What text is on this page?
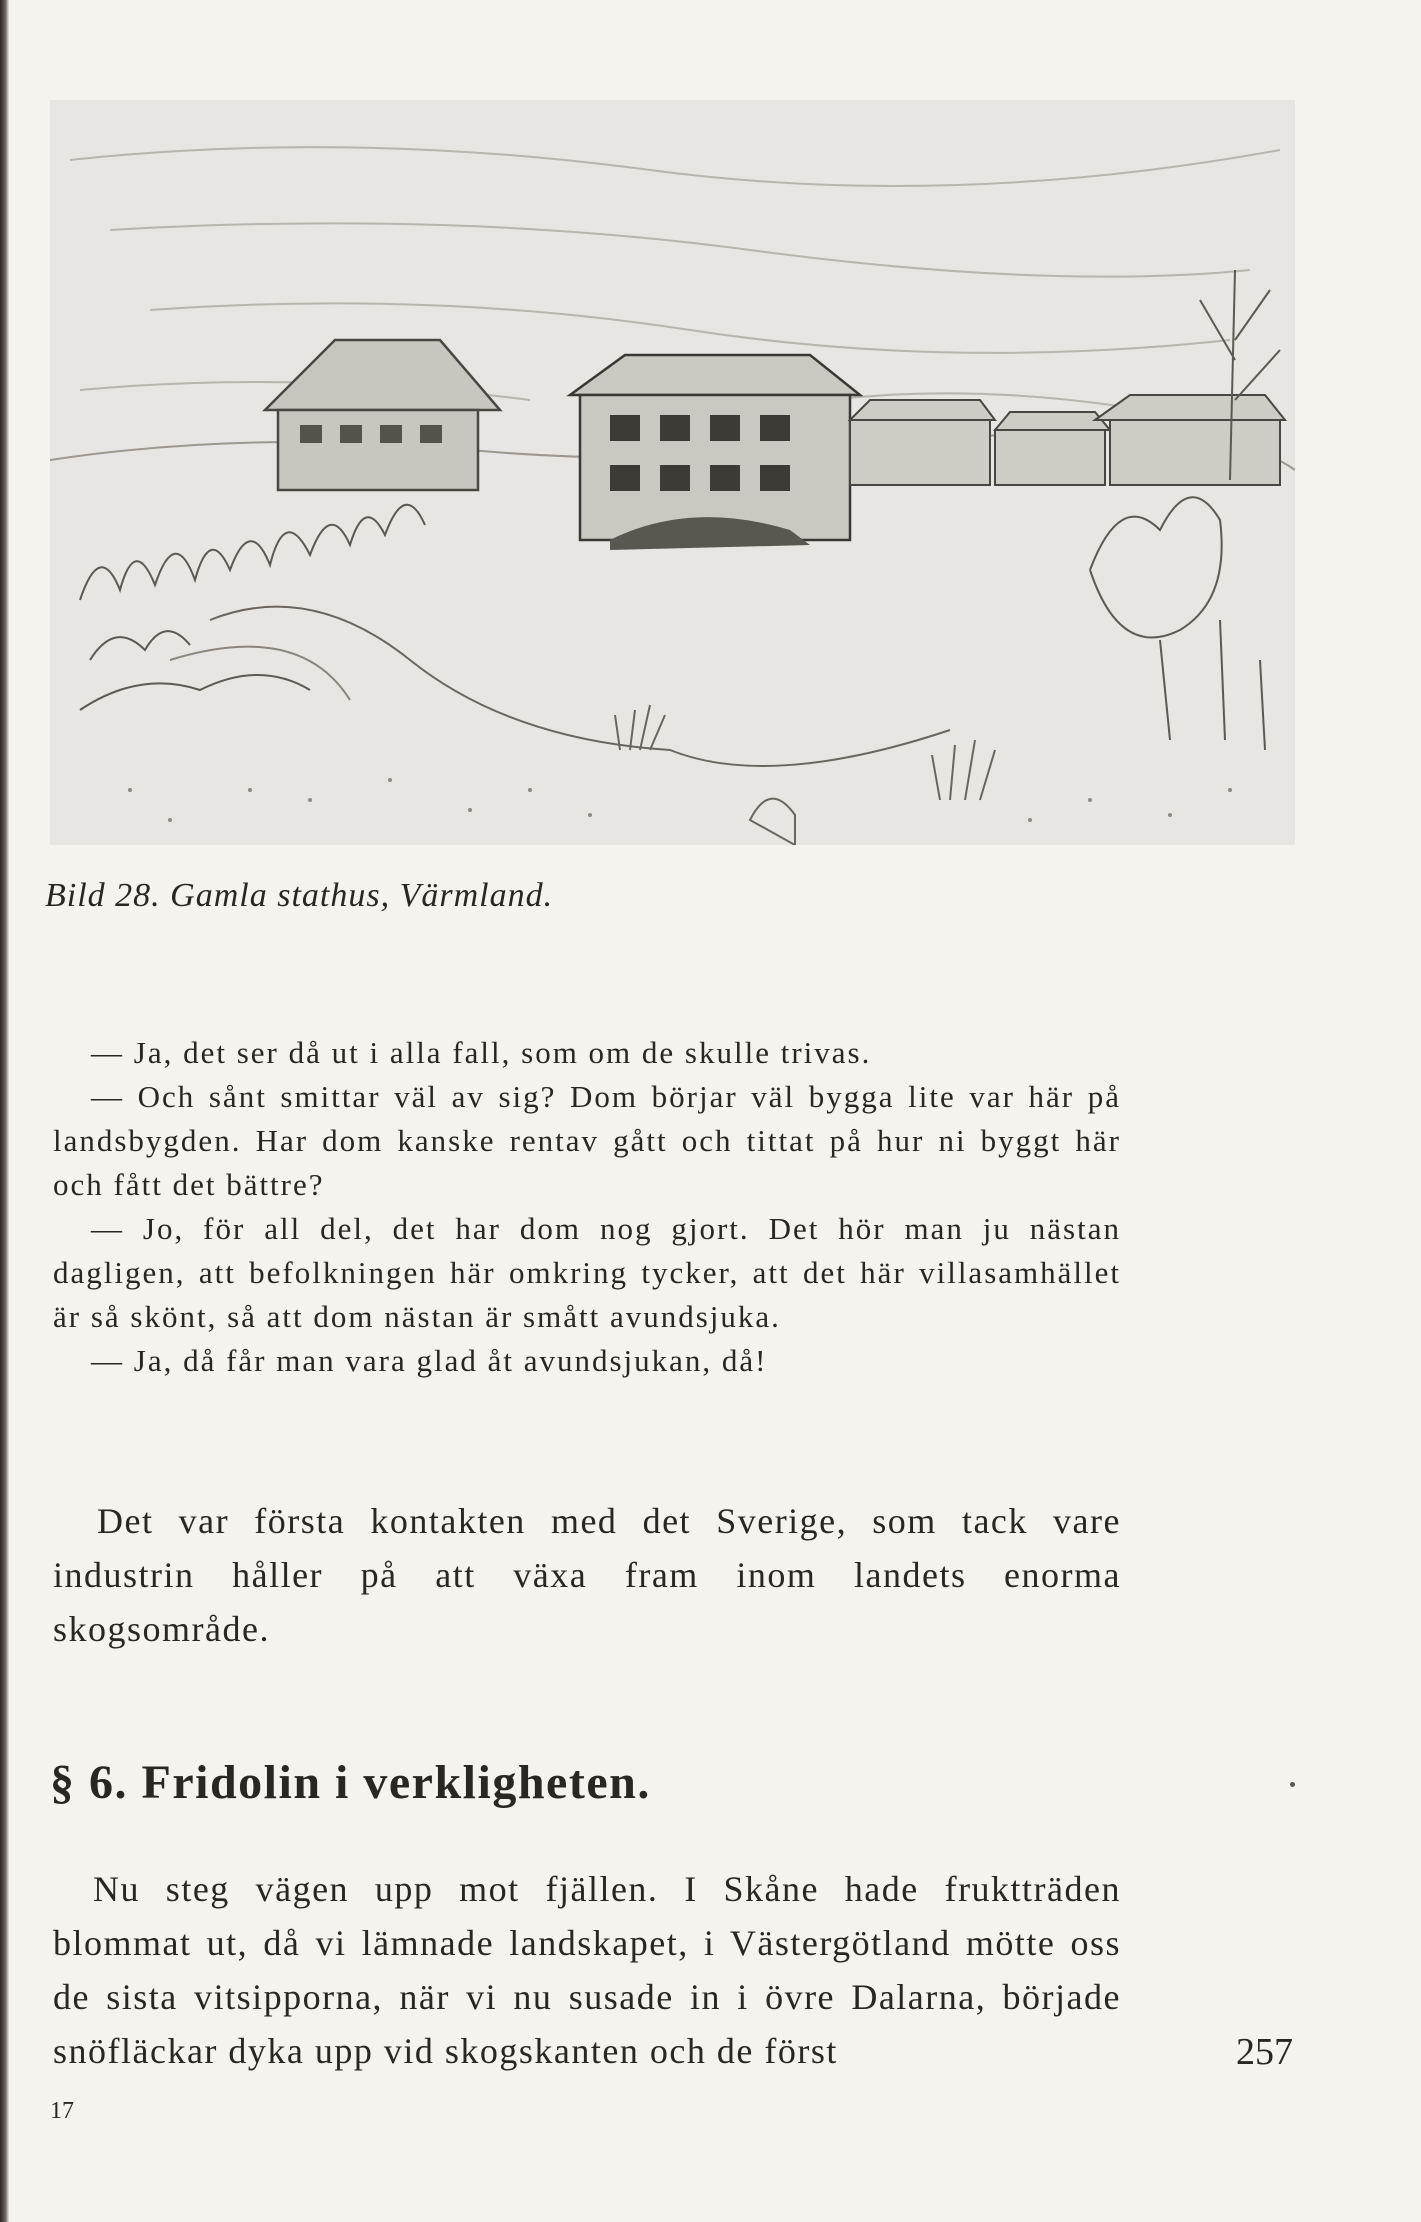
Bild 28. Gamla stathus, Värmland.

— Ja, det ser då ut i alla fall, som om de skulle trivas.

— Och sånt smittar väl av sig? Dom börjar väl bygga lite var här på landsbygden. Har dom kanske rentav gått och tittat på hur ni byggt här och fått det bättre?

— Jo, för all del, det har dom nog gjort. Det hör man ju nästan dagligen, att befolkningen här omkring tycker, att det här villasamhället är så skönt, så att dom nästan är smått avundsjuka.

— Ja, då får man vara glad åt avundsjukan, då!

Det var första kontakten med det Sverige, som tack vare industrin håller på att växa fram inom landets enorma skogsområde.

§ 6. Fridolin i verkligheten.

Nu steg vägen upp mot fjällen. I Skåne hade fruktträden blommat ut, då vi lämnade landskapet, i Västergötland mötte oss de sista vitsipporna, när vi nu susade in i övre Dalarna, började snöfläckar dyka upp vid skogskanten och de först	257
17
